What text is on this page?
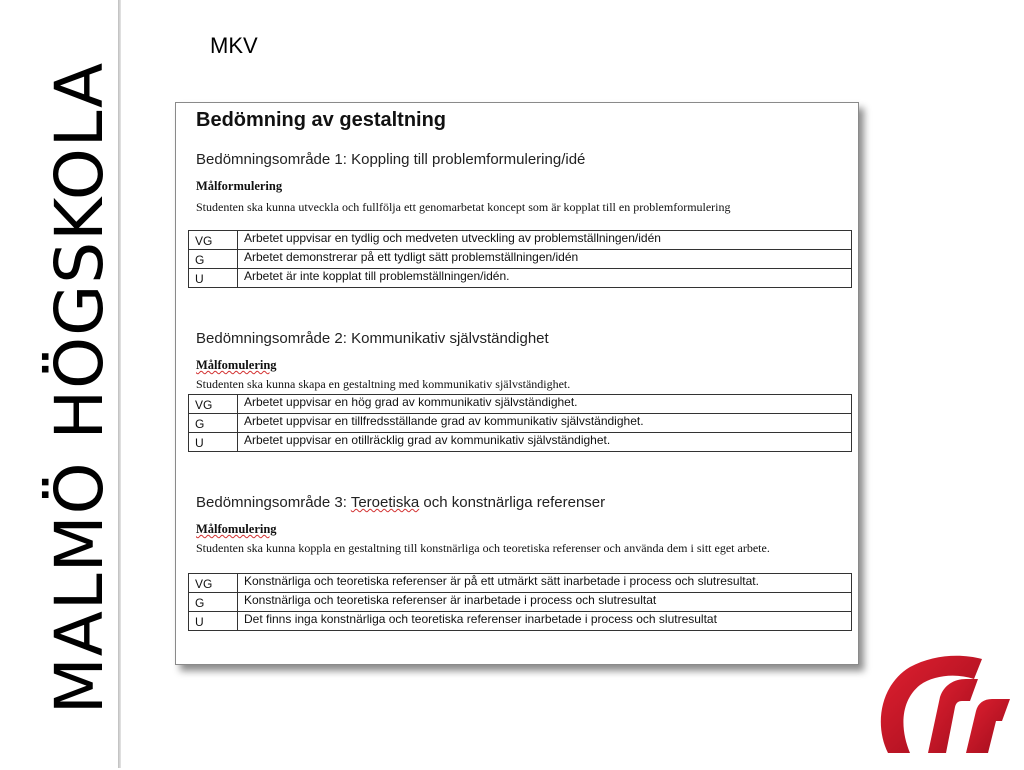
MALMÖ HÖGSKOLA
MKV
Bedömning av gestaltning
Bedömningsområde 1: Koppling till problemformulering/idé
Målformulering
Studenten ska kunna utveckla och fullfölja ett genomarbetat koncept som är kopplat till en problemformulering
VG	Arbetet uppvisar en tydlig och medveten utveckling av problemställningen/idén
G	Arbetet demonstrerar på ett tydligt sätt problemställningen/idén
U	Arbetet är inte kopplat till problemställningen/idén.
Bedömningsområde 2: Kommunikativ självständighet
Målfomulering
Studenten ska kunna skapa en gestaltning med kommunikativ självständighet.
VG	Arbetet uppvisar en hög grad av kommunikativ självständighet.
G	Arbetet uppvisar en tillfredsställande grad av kommunikativ självständighet.
U	Arbetet uppvisar en otillräcklig grad av kommunikativ självständighet.
Bedömningsområde 3: Teroetiska och konstnärliga referenser
Målfomulering
Studenten ska kunna koppla en gestaltning till konstnärliga och teoretiska referenser och använda dem i sitt eget arbete.
VG	Konstnärliga och teoretiska referenser är på ett utmärkt sätt inarbetade i process och slutresultat.
G	Konstnärliga och teoretiska referenser är inarbetade i process och slutresultat
U	Det finns inga konstnärliga och teoretiska referenser inarbetade i process och slutresultat
